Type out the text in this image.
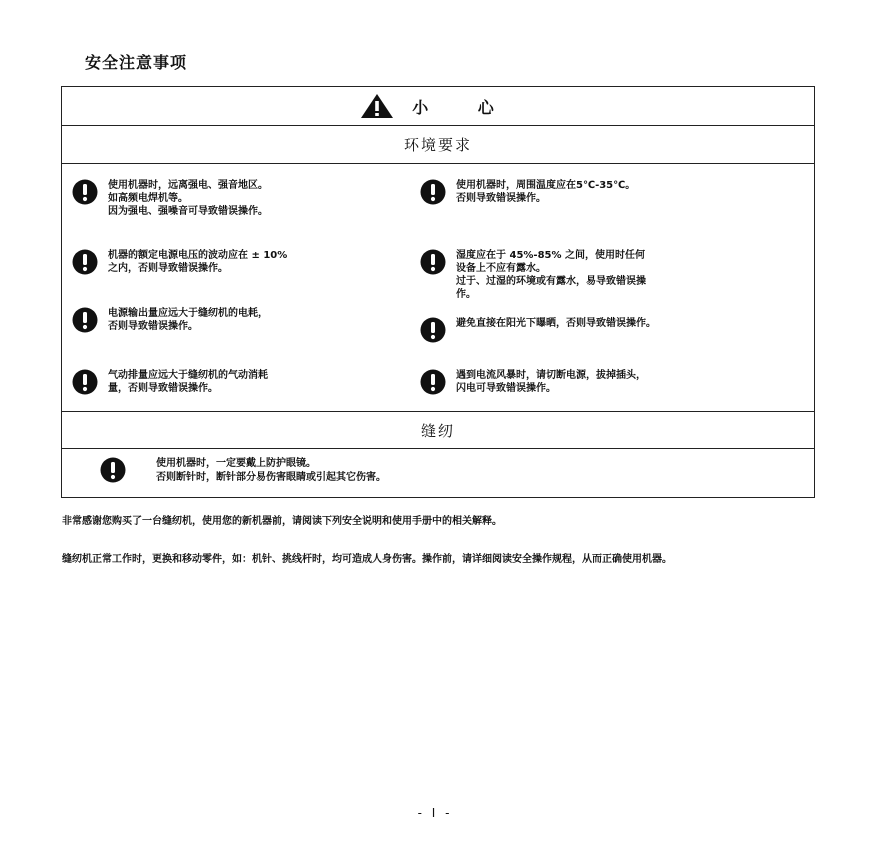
安全注意事项
小 心
环境要求
使用机器时，远离强电、强音地区。
如高频电焊机等。
因为强电、强噪音可导致错误操作。
机器的额定电源电压的波动应在 ± 10%
之内，否则导致错误操作。
电源输出量应远大于缝纫机的电耗，
否则导致错误操作。
气动排量应远大于缝纫机的气动消耗
量，否则导致错误操作。
使用机器时，周围温度应在5℃-35℃。
否则导致错误操作。
湿度应在于 45%-85% 之间，使用时任何
设备上不应有露水。
过于、过湿的环境或有露水，易导致错误操
作。
避免直接在阳光下曝晒，否则导致错误操作。
遇到电流风暴时，请切断电源，拔掉插头，
闪电可导致错误操作。
缝纫
使用机器时，一定要戴上防护眼镜。
否则断针时，断针部分易伤害眼睛或引起其它伤害。
非常感谢您购买了一台缝纫机，使用您的新机器前，请阅读下列安全说明和使用手册中的相关解释。
缝纫机正常工作时，更换和移动零件，如：机针、挑线杆时，均可造成人身伤害。操作前，请详细阅读安全操作规程，从而正确使用机器。
- I -
